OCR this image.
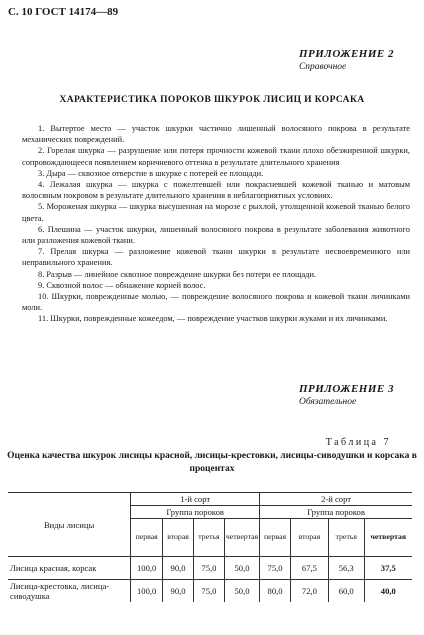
С. 10 ГОСТ 14174—89
ПРИЛОЖЕНИЕ 2
Справочное
ХАРАКТЕРИСТИКА ПОРОКОВ ШКУРОК ЛИСИЦ И КОРСАКА

1. Вытертое место — участок шкурки частично лишенный волосяного покрова в результате механических повреждений.

2. Горелая шкурка — разрушение или потеря прочности кожевой ткани плохо обезжиренной шкурки, сопровождающееся появлением коричневого оттенка в результате длительного хранения

3. Дыра — сквозное отверстие в шкурке с потерей ее площади.

4. Лежалая шкурка — шкурка с пожелтевшей или покрасневшей кожевой тканью и матовым волосяным покровом в результате длительного хранения в неблагоприятных условиях.

5. Мороженая шкурка — шкурка высушенная на морозе с рыхлой, утолщенной кожевой тканью белого цвета.

6. Плешина — участок шкурки, лишенный волосяного покрова в результате заболевания животного или разложения кожевой ткани.

7. Прелая шкурка — разложение кожевой ткани шкурки в результате несвоевременного или неправильного хранения.

8. Разрыв — линейное сквозное повреждение шкурки без потери ее площади.

9. Сквозной волос — обнажение корней волос.

10. Шкурки, поврежденные молью, — повреждение волосяного покрова и кожевой ткани личинками моли.

11. Шкурки, поврежденные кожеедом, — повреждение участков шкурки жуками и их личинками.

ПРИЛОЖЕНИЕ 3
Обязательное
Таблица 7
Оценка качества шкурок лисицы красной, лисицы-крестовки, лисицы-сиводушки и корсака в процентах
Виды лисицы	1-й сорт				2-й сорт			
	Группа пороков				Группа пороков			
	первая	вторая	третья	четвертая	первая	вторая	третья	четвертая
Лисица красная, корсак	100,0	90,0	75,0	50,0	75,0	67,5	56,3	37,5
Лисица-крестовка, лисица-сиводушка	100,0	90,0	75,0	50,0	80,0	72,0	60,0	40,0
